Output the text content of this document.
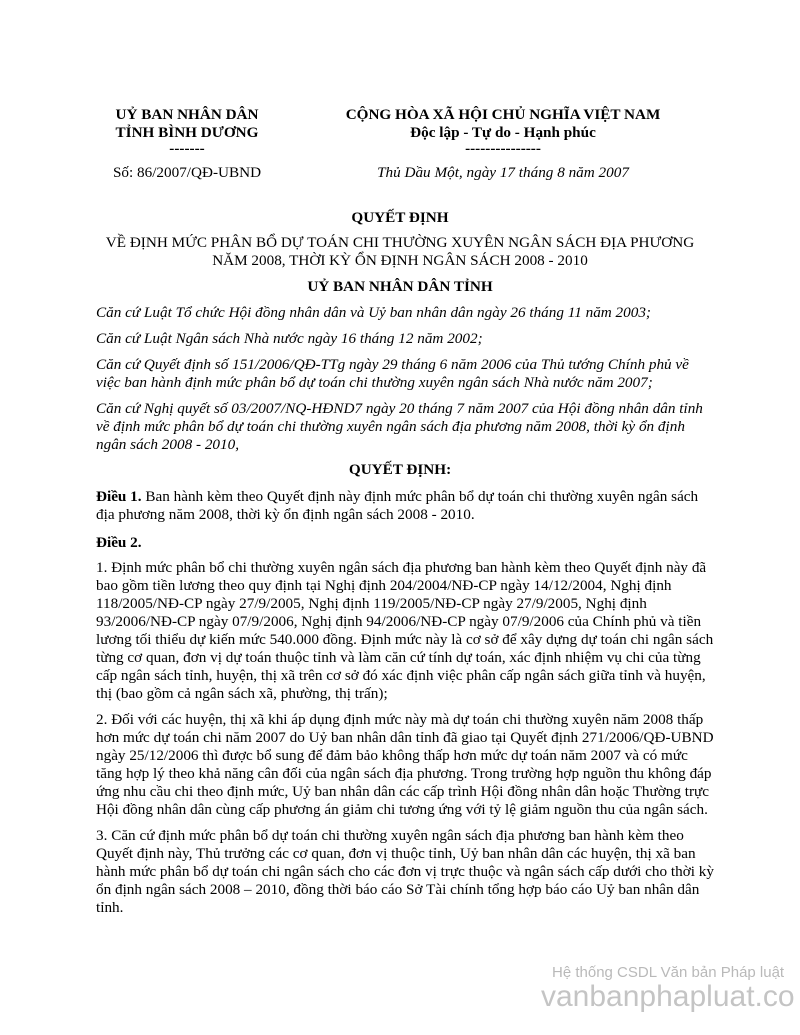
UỶ BAN NHÂN DÂN
TỈNH BÌNH DƯƠNG
-------
CỘNG HÒA XÃ HỘI CHỦ NGHĨA VIỆT NAM
Độc lập - Tự do - Hạnh phúc
---------------
Số: 86/2007/QĐ-UBND	Thủ Dầu Một, ngày 17 tháng 8 năm 2007
QUYẾT ĐỊNH
VỀ ĐỊNH MỨC PHÂN BỔ DỰ TOÁN CHI THƯỜNG XUYÊN NGÂN SÁCH ĐỊA PHƯƠNG
NĂM 2008, THỜI KỲ ỔN ĐỊNH NGÂN SÁCH 2008 - 2010
UỶ BAN NHÂN DÂN TỈNH

Căn cứ Luật Tổ chức Hội đồng nhân dân và Uỷ ban nhân dân ngày 26 tháng 11 năm 2003;

Căn cứ Luật Ngân sách Nhà nước ngày 16 tháng 12 năm 2002;

Căn cứ Quyết định số 151/2006/QĐ-TTg ngày 29 tháng 6 năm 2006 của Thủ tướng Chính phủ về việc ban hành định mức phân bổ dự toán chi thường xuyên ngân sách Nhà nước năm 2007;

Căn cứ Nghị quyết số 03/2007/NQ-HĐND7 ngày 20 tháng 7 năm 2007 của Hội đồng nhân dân tỉnh về định mức phân bổ dự toán chi thường xuyên ngân sách địa phương năm 2008, thời kỳ ổn định ngân sách 2008 - 2010,

QUYẾT ĐỊNH:

Điều 1. Ban hành kèm theo Quyết định này định mức phân bổ dự toán chi thường xuyên ngân sách địa phương năm 2008, thời kỳ ổn định ngân sách 2008 - 2010.

Điều 2.

1. Định mức phân bổ chi thường xuyên ngân sách địa phương ban hành kèm theo Quyết định này đã bao gồm tiền lương theo quy định tại Nghị định 204/2004/NĐ-CP ngày 14/12/2004, Nghị định 118/2005/NĐ-CP ngày 27/9/2005, Nghị định 119/2005/NĐ-CP ngày 27/9/2005, Nghị định 93/2006/NĐ-CP ngày 07/9/2006, Nghị định 94/2006/NĐ-CP ngày 07/9/2006 của Chính phủ và tiền lương tối thiểu dự kiến mức 540.000 đồng. Định mức này là cơ sở để xây dựng dự toán chi ngân sách từng cơ quan, đơn vị dự toán thuộc tỉnh và làm căn cứ tính dự toán, xác định nhiệm vụ chi của từng cấp ngân sách tỉnh, huyện, thị xã trên cơ sở đó xác định việc phân cấp ngân sách giữa tỉnh và huyện, thị (bao gồm cả ngân sách xã, phường, thị trấn);

2. Đối với các huyện, thị xã khi áp dụng định mức này mà dự toán chi thường xuyên năm 2008 thấp hơn mức dự toán chi năm 2007 do Uỷ ban nhân dân tỉnh đã giao tại Quyết định 271/2006/QĐ-UBND ngày 25/12/2006 thì được bổ sung để đảm bảo không thấp hơn mức dự toán năm 2007 và có mức tăng hợp lý theo khả năng cân đối của ngân sách địa phương. Trong trường hợp nguồn thu không đáp ứng nhu cầu chi theo định mức, Uỷ ban nhân dân các cấp trình Hội đồng nhân dân hoặc Thường trực Hội đồng nhân dân cùng cấp phương án giảm chi tương ứng với tỷ lệ giảm nguồn thu của ngân sách.

3. Căn cứ định mức phân bổ dự toán chi thường xuyên ngân sách địa phương ban hành kèm theo Quyết định này, Thủ trưởng các cơ quan, đơn vị thuộc tỉnh, Uỷ ban nhân dân các huyện, thị xã ban hành mức phân bổ dự toán chi ngân sách cho các đơn vị trực thuộc và ngân sách cấp dưới cho thời kỳ ổn định ngân sách 2008 – 2010, đồng thời báo cáo Sở Tài chính tổng hợp báo cáo Uỷ ban nhân dân tỉnh.

Hệ thống CSDL Văn bản Pháp luật
vanbanphapluat.co
